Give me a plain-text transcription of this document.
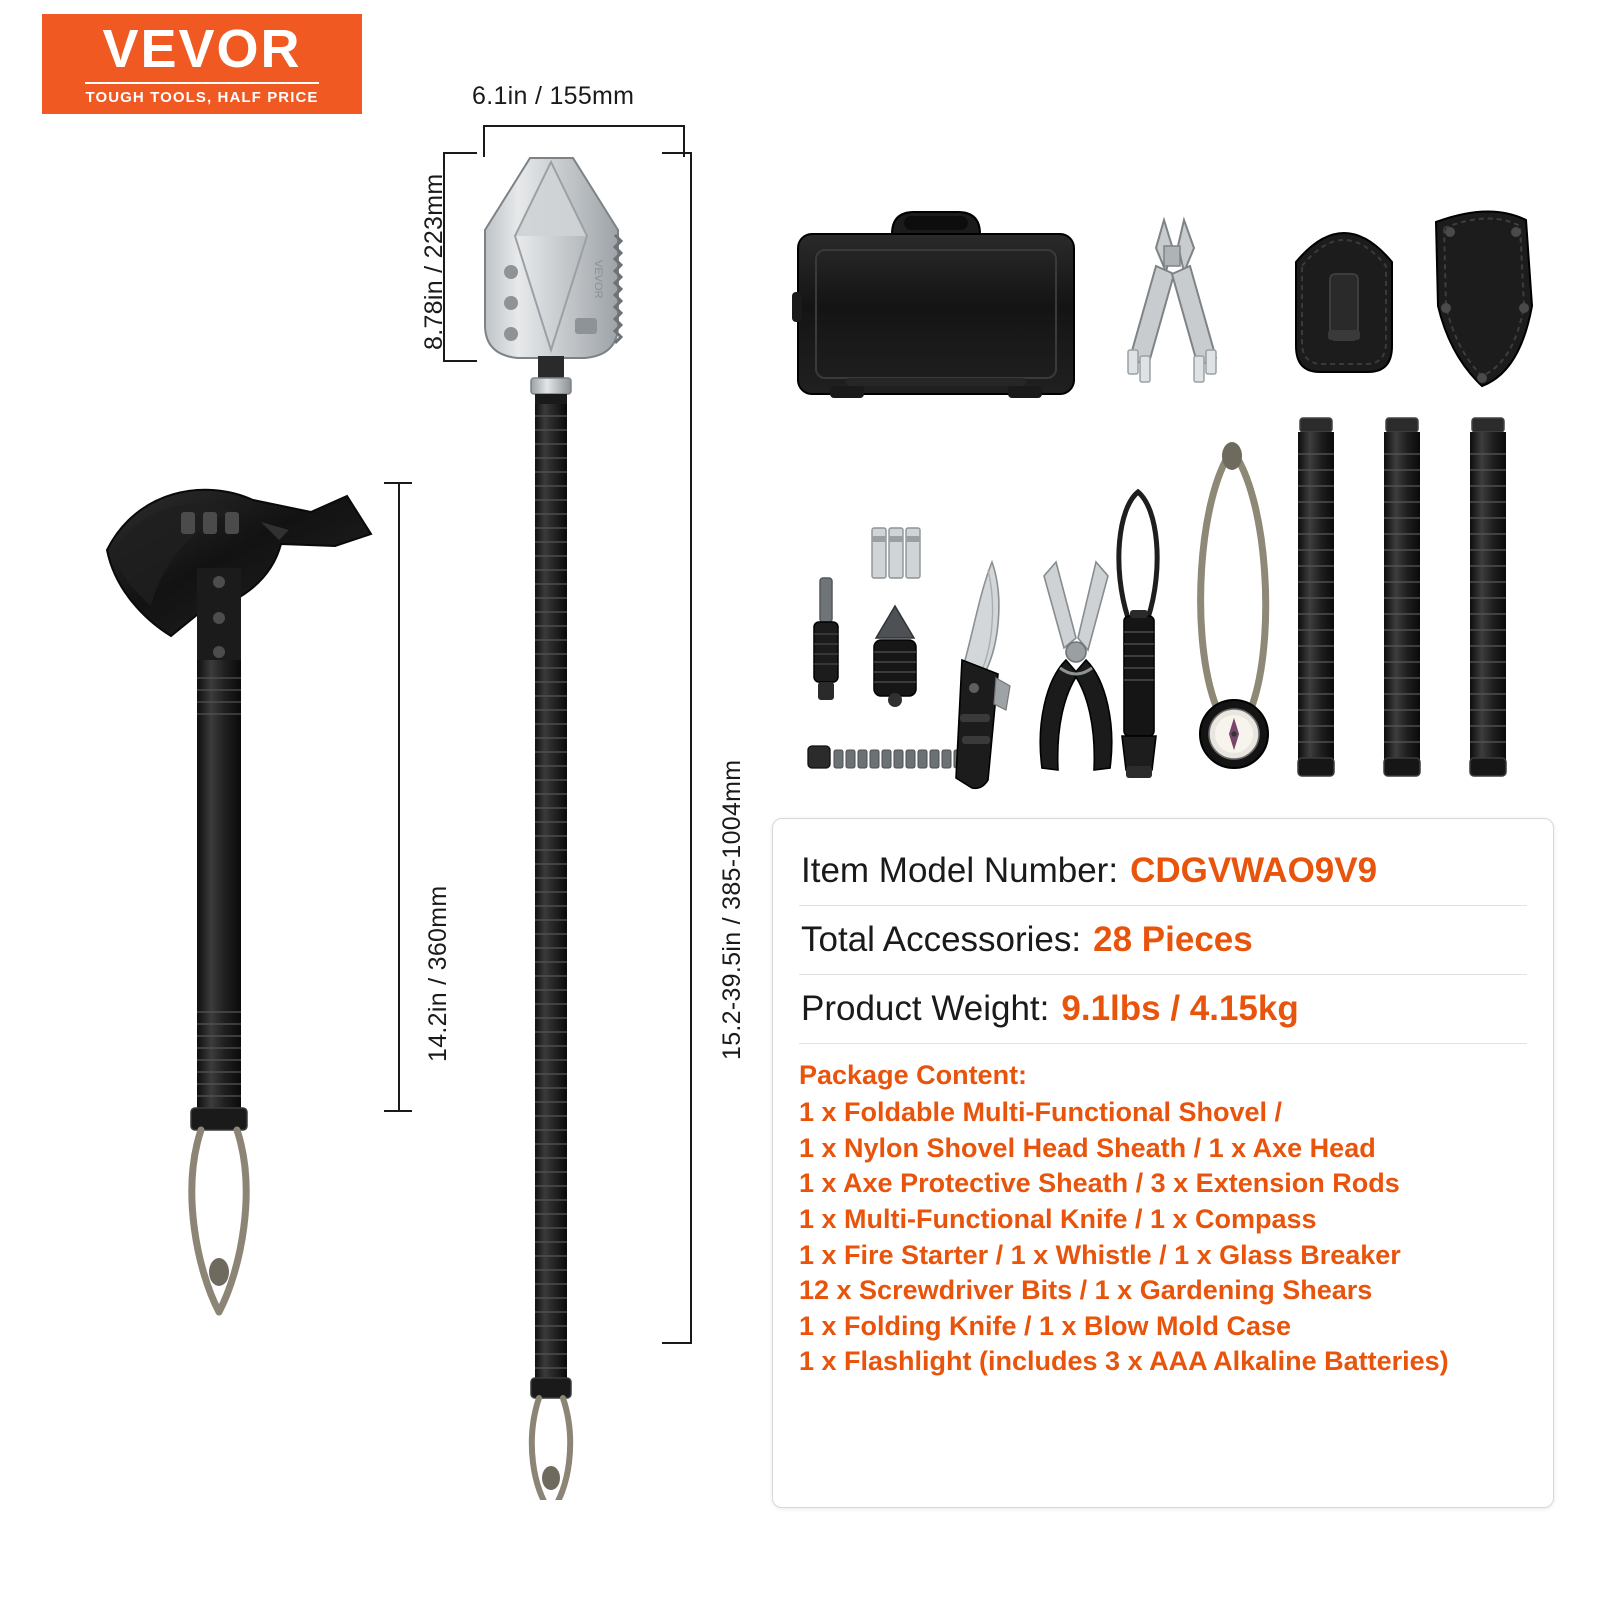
VEVOR
TOUGH TOOLS, HALF PRICE
VEVOR
6.1in / 155mm
8.78in / 223mm
15.2-39.5in / 385-1004mm
14.2in / 360mm
Item Model Number: CDGVWAO9V9
Total Accessories: 28 Pieces
Product Weight: 9.1lbs / 4.15kg
Package Content:
1 x Foldable Multi-Functional Shovel /
1 x Nylon Shovel Head Sheath / 1 x Axe Head
1 x Axe Protective Sheath / 3 x Extension Rods
1 x Multi-Functional Knife / 1 x Compass
1 x Fire Starter / 1 x Whistle / 1 x Glass Breaker
12 x Screwdriver Bits / 1 x Gardening Shears
1 x Folding Knife / 1 x Blow Mold Case
1 x Flashlight (includes 3 x AAA Alkaline Batteries)
